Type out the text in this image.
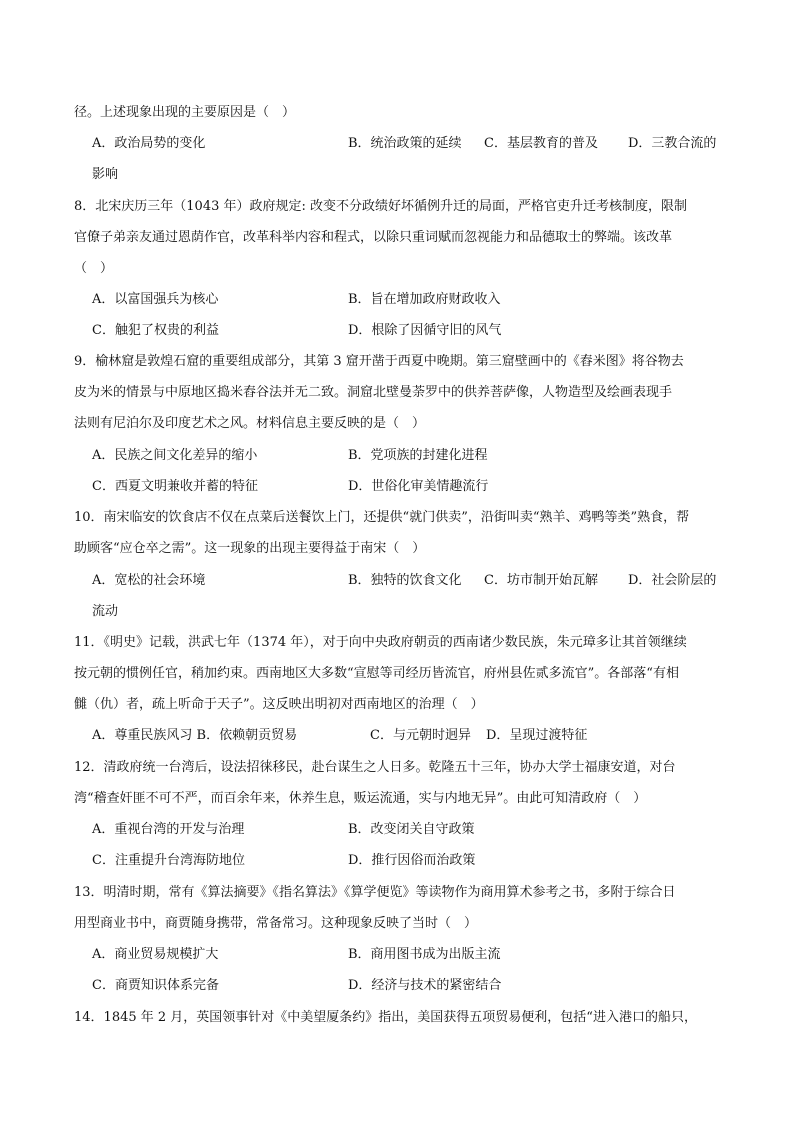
径。上述现象出现的主要原因是（　）
A．政治局势的变化	B．统治政策的延续 C．基层教育的普及 D．三教合流的
影响
8．北宋庆历三年（1043 年）政府规定: 改变不分政绩好坏循例升迁的局面，严格官吏升迁考核制度，限制
官僚子弟亲友通过恩荫作官，改革科举内容和程式，以除只重词赋而忽视能力和品德取士的弊端。该改革
（　）
A．以富国强兵为核心	B．旨在增加政府财政收入
C．触犯了权贵的利益	D．根除了因循守旧的风气
9．榆林窟是敦煌石窟的重要组成部分，其第 3 窟开凿于西夏中晚期。第三窟壁画中的《舂米图》将谷物去
皮为米的情景与中原地区捣米舂谷法并无二致。洞窟北壁曼荼罗中的供养菩萨像，人物造型及绘画表现手
法则有尼泊尔及印度艺术之风。材料信息主要反映的是（　）
A．民族之间文化差异的缩小	B．党项族的封建化进程
C．西夏文明兼收并蓄的特征	D．世俗化审美情趣流行
10．南宋临安的饮食店不仅在点菜后送餐饮上门，还提供“就门供卖”，沿街叫卖“熟羊、鸡鸭等类”熟食，帮
助顾客“应仓卒之需”。这一现象的出现主要得益于南宋（　）
A．宽松的社会环境	B．独特的饮食文化 C．坊市制开始瓦解 D．社会阶层的
流动
11．《明史》记载，洪武七年（1374 年），对于向中央政府朝贡的西南诸少数民族，朱元璋多让其首领继续
按元朝的惯例任官，稍加约束。西南地区大多数“宣慰等司经历皆流官，府州县佐贰多流官”。各部落“有相
雠（仇）者，疏上听命于天子”。这反映出明初对西南地区的治理（　）
A．尊重民族风习 B．依赖朝贡贸易	C．与元朝时迥异 D．呈现过渡特征
12．清政府统一台湾后，设法招徕移民，赴台谋生之人日多。乾隆五十三年，协办大学士福康安道，对台
湾“稽查奸匪不可不严，而百余年来，休养生息，贩运流通，实与内地无异”。由此可知清政府（　）
A．重视台湾的开发与治理	B．改变闭关自守政策
C．注重提升台湾海防地位	D．推行因俗而治政策
13．明清时期，常有《算法摘要》《指名算法》《算学便览》等读物作为商用算术参考之书，多附于综合日
用型商业书中，商贾随身携带，常备常习。这种现象反映了当时（　）
A．商业贸易规模扩大	B．商用图书成为出版主流
C．商贾知识体系完备	D．经济与技术的紧密结合
14．1845 年 2 月，英国领事针对《中美望厦条约》指出，美国获得五项贸易便利，包括“进入港口的船只，
